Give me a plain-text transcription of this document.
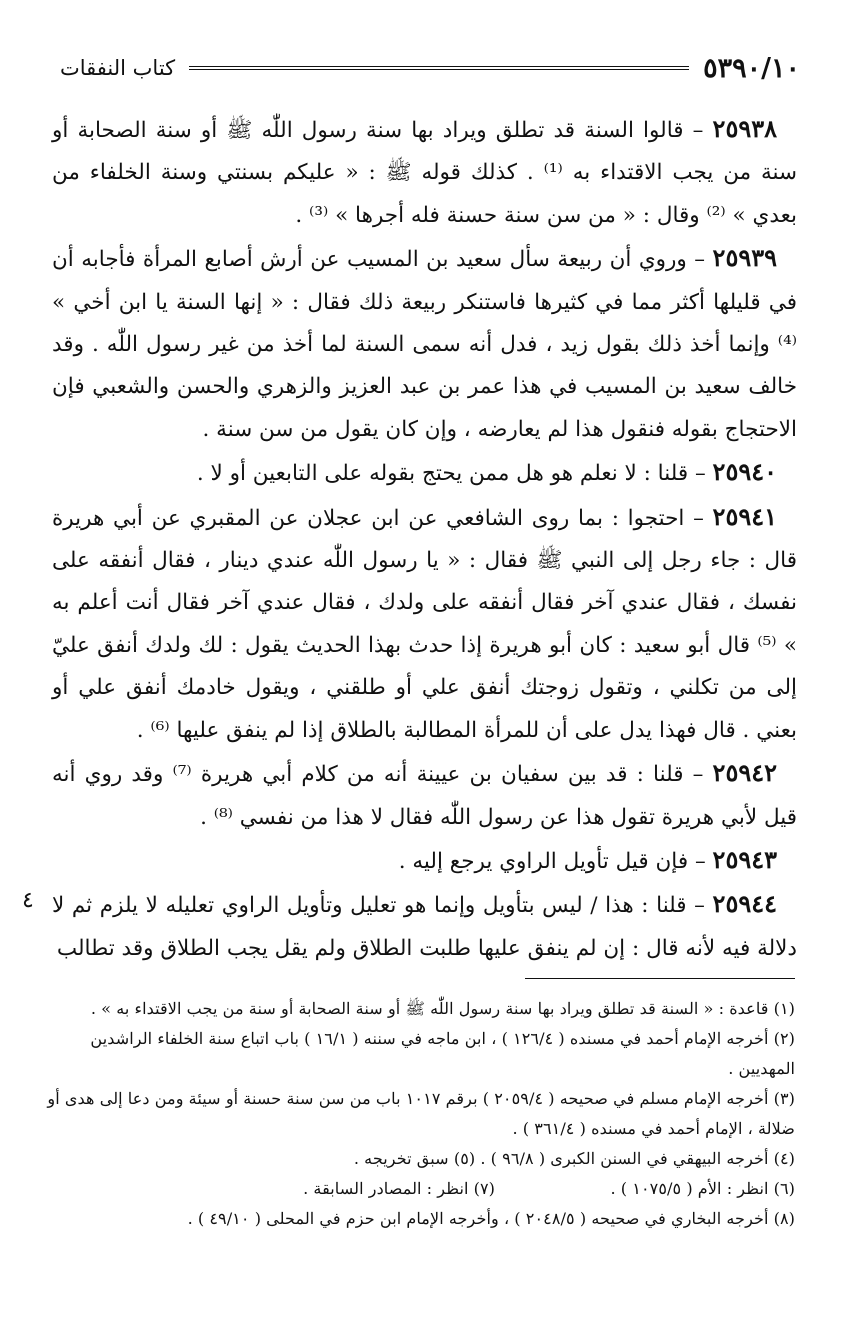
٥٣٩٠/١٠
كتاب النفقات

٢٥٩٣٨ – قالوا السنة قد تطلق ويراد بها سنة رسول اللّٰه ﷺ أو سنة الصحابة أو سنة من يجب الاقتداء به ⁽¹⁾ . كذلك قوله ﷺ : « عليكم بسنتي وسنة الخلفاء من بعدي » ⁽²⁾ وقال : « من سن سنة حسنة فله أجرها » ⁽³⁾ .

٢٥٩٣٩ – وروي أن ربيعة سأل سعيد بن المسيب عن أرش أصابع المرأة فأجابه أن في قليلها أكثر مما في كثيرها فاستنكر ربيعة ذلك فقال : « إنها السنة يا ابن أخي » ⁽⁴⁾ وإنما أخذ ذلك بقول زيد ، فدل أنه سمى السنة لما أخذ من غير رسول اللّٰه . وقد خالف سعيد بن المسيب في هذا عمر بن عبد العزيز والزهري والحسن والشعبي فإن الاحتجاج بقوله فنقول هذا لم يعارضه ، وإن كان يقول من سن سنة .

٢٥٩٤٠ – قلنا : لا نعلم هو هل ممن يحتج بقوله على التابعين أو لا .

٢٥٩٤١ – احتجوا : بما روى الشافعي عن ابن عجلان عن المقبري عن أبي هريرة قال : جاء رجل إلى النبي ﷺ فقال : « يا رسول اللّٰه عندي دينار ، فقال أنفقه على نفسك ، فقال عندي آخر فقال أنفقه على ولدك ، فقال عندي آخر فقال أنت أعلم به » ⁽⁵⁾ قال أبو سعيد : كان أبو هريرة إذا حدث بهذا الحديث يقول : لك ولدك أنفق عليّ إلى من تكلني ، وتقول زوجتك أنفق علي أو طلقني ، ويقول خادمك أنفق علي أو بعني . قال فهذا يدل على أن للمرأة المطالبة بالطلاق إذا لم ينفق عليها ⁽⁶⁾ .

٢٥٩٤٢ – قلنا : قد بين سفيان بن عيينة أنه من كلام أبي هريرة ⁽⁷⁾ وقد روي أنه قيل لأبي هريرة تقول هذا عن رسول اللّٰه فقال لا هذا من نفسي ⁽⁸⁾ .

٢٥٩٤٣ – فإن قيل تأويل الراوي يرجع إليه .

٢٥٩٤٤ – قلنا : هذا / ليس بتأويل وإنما هو تعليل وتأويل الراوي تعليله لا يلزم ثم لا دلالة فيه لأنه قال : إن لم ينفق عليها طلبت الطلاق ولم يقل يجب الطلاق وقد تطالب

٤

(١) قاعدة : « السنة قد تطلق ويراد بها سنة رسول اللّٰه ﷺ أو سنة الصحابة أو سنة من يجب الاقتداء به » .

(٢) أخرجه الإمام أحمد في مسنده ( ١٢٦/٤ ) ، ابن ماجه في سننه ( ١٦/١ ) باب اتباع سنة الخلفاء الراشدين المهديين .

(٣) أخرجه الإمام مسلم في صحيحه ( ٢٠٥٩/٤ ) برقم ١٠١٧ باب من سن سنة حسنة أو سيئة ومن دعا إلى هدى أو ضلالة ، الإمام أحمد في مسنده ( ٣٦١/٤ ) .

(٤) أخرجه البيهقي في السنن الكبرى ( ٩٦/٨ ) . (٥) سبق تخريجه .

(٦) انظر : الأم ( ١٠٧٥/٥ ) .

(٧) انظر : المصادر السابقة .

(٨) أخرجه البخاري في صحيحه ( ٢٠٤٨/٥ ) ، وأخرجه الإمام ابن حزم في المحلى ( ٤٩/١٠ ) .
